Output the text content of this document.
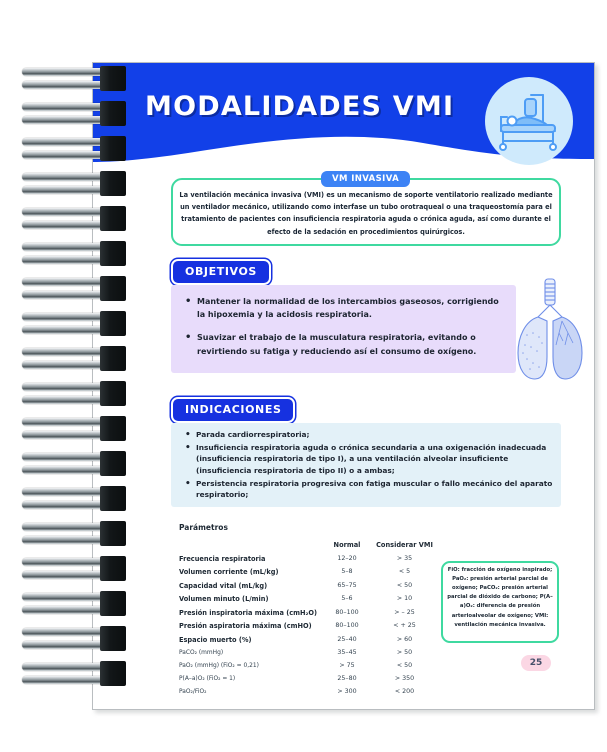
MODALIDADES VMI
VM INVASIVA

La ventilación mecánica invasiva (VMI) es un mecanismo de soporte ventilatorio realizado mediante un ventilador mecánico, utilizando como interfase un tubo orotraqueal o una traqueostomía para el tratamiento de pacientes con insuficiencia respiratoria aguda o crónica aguda, así como durante el efecto de la sedación en procedimientos quirúrgicos.

OBJETIVOS
• Mantener la normalidad de los intercambios gaseosos, corrigiendo la hipoxemia y la acidosis respiratoria.
• Suavizar el trabajo de la musculatura respiratoria, evitando o revirtiendo su fatiga y reduciendo así el consumo de oxígeno.
INDICACIONES
• Parada cardiorrespiratoria;
• Insuficiencia respiratoria aguda o crónica secundaria a una oxigenación inadecuada (insuficiencia respiratoria de tipo I), a una ventilación alveolar insuficiente (insuficiencia respiratoria de tipo II) o a ambas;
• Persistencia respiratoria progresiva con fatiga muscular o fallo mecánico del aparato respiratorio;
Parámetros
	Normal	Considerar VMI
Frecuencia respiratoria	12–20	> 35
Volumen corriente (mL/kg)	5–8	< 5
Capacidad vital (mL/kg)	65–75	< 50
Volumen minuto (L/min)	5–6	> 10
Presión inspiratoria máxima (cmH₂O)	80–100	> – 25
Presión aspiratoria máxima (cmHO)	80–100	< + 25
Espacio muerto (%)	25–40	> 60
PaCO₂ (mmHg)	35–45	> 50
PaO₂ (mmHg) (FiO₂ = 0,21)	> 75	< 50
P(A–a)O₂ (FiO₂ = 1)	25–80	> 350
PaO₂/FiO₂	> 300	< 200
FiO: fracción de oxígeno inspirado; PaO₂: presión arterial parcial de oxígeno; PaCO₂: presión arterial parcial de dióxido de carbono; P(A–a)O₂: diferencia de presión arterioalveolar de oxígeno; VMI: ventilación mecánica invasiva.
25
